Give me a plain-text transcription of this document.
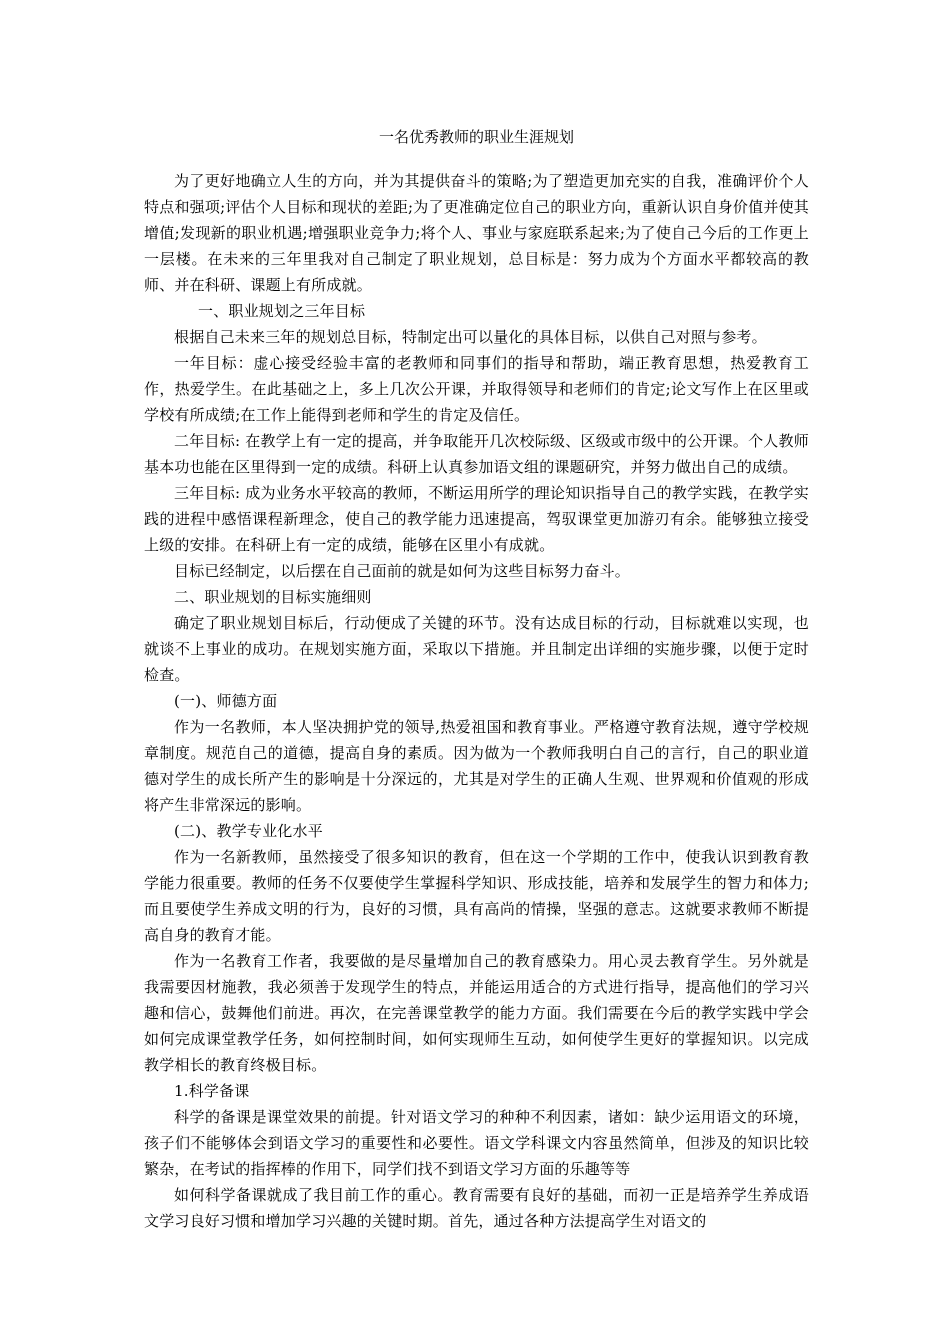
一名优秀教师的职业生涯规划

为了更好地确立人生的方向，并为其提供奋斗的策略;为了塑造更加充实的自我，准确评价个人特点和强项;评估个人目标和现状的差距;为了更准确定位自己的职业方向，重新认识自身价值并使其增值;发现新的职业机遇;增强职业竞争力;将个人、事业与家庭联系起来;为了使自己今后的工作更上一层楼。在未来的三年里我对自己制定了职业规划，总目标是：努力成为个方面水平都较高的教师、并在科研、课题上有所成就。

一、职业规划之三年目标

根据自己未来三年的规划总目标，特制定出可以量化的具体目标，以供自己对照与参考。

一年目标：虚心接受经验丰富的老教师和同事们的指导和帮助，端正教育思想，热爱教育工作，热爱学生。在此基础之上，多上几次公开课，并取得领导和老师们的肯定;论文写作上在区里或学校有所成绩;在工作上能得到老师和学生的肯定及信任。

二年目标: 在教学上有一定的提高，并争取能开几次校际级、区级或市级中的公开课。个人教师基本功也能在区里得到一定的成绩。科研上认真参加语文组的课题研究，并努力做出自己的成绩。

三年目标: 成为业务水平较高的教师，不断运用所学的理论知识指导自己的教学实践，在教学实践的进程中感悟课程新理念，使自己的教学能力迅速提高，驾驭课堂更加游刃有余。能够独立接受上级的安排。在科研上有一定的成绩，能够在区里小有成就。

目标已经制定，以后摆在自己面前的就是如何为这些目标努力奋斗。

二、职业规划的目标实施细则

确定了职业规划目标后，行动便成了关键的环节。没有达成目标的行动，目标就难以实现，也就谈不上事业的成功。在规划实施方面，采取以下措施。并且制定出详细的实施步骤，以便于定时检查。

(一)、师德方面

作为一名教师，本人坚决拥护党的领导,热爱祖国和教育事业。严格遵守教育法规，遵守学校规章制度。规范自己的道德，提高自身的素质。因为做为一个教师我明白自己的言行，自己的职业道德对学生的成长所产生的影响是十分深远的，尤其是对学生的正确人生观、世界观和价值观的形成将产生非常深远的影响。

(二)、教学专业化水平

作为一名新教师，虽然接受了很多知识的教育，但在这一个学期的工作中，使我认识到教育教学能力很重要。教师的任务不仅要使学生掌握科学知识、形成技能，培养和发展学生的智力和体力;而且要使学生养成文明的行为，良好的习惯，具有高尚的情操，坚强的意志。这就要求教师不断提高自身的教育才能。

作为一名教育工作者，我要做的是尽量增加自己的教育感染力。用心灵去教育学生。另外就是我需要因材施教，我必须善于发现学生的特点，并能运用适合的方式进行指导，提高他们的学习兴趣和信心，鼓舞他们前进。再次，在完善课堂教学的能力方面。我们需要在今后的教学实践中学会如何完成课堂教学任务，如何控制时间，如何实现师生互动，如何使学生更好的掌握知识。以完成教学相长的教育终极目标。

1.科学备课

科学的备课是课堂效果的前提。针对语文学习的种种不利因素，诸如：缺少运用语文的环境，孩子们不能够体会到语文学习的重要性和必要性。语文学科课文内容虽然简单，但涉及的知识比较繁杂，在考试的指挥棒的作用下，同学们找不到语文学习方面的乐趣等等

如何科学备课就成了我目前工作的重心。教育需要有良好的基础，而初一正是培养学生养成语文学习良好习惯和增加学习兴趣的关键时期。首先，通过各种方法提高学生对语文的
